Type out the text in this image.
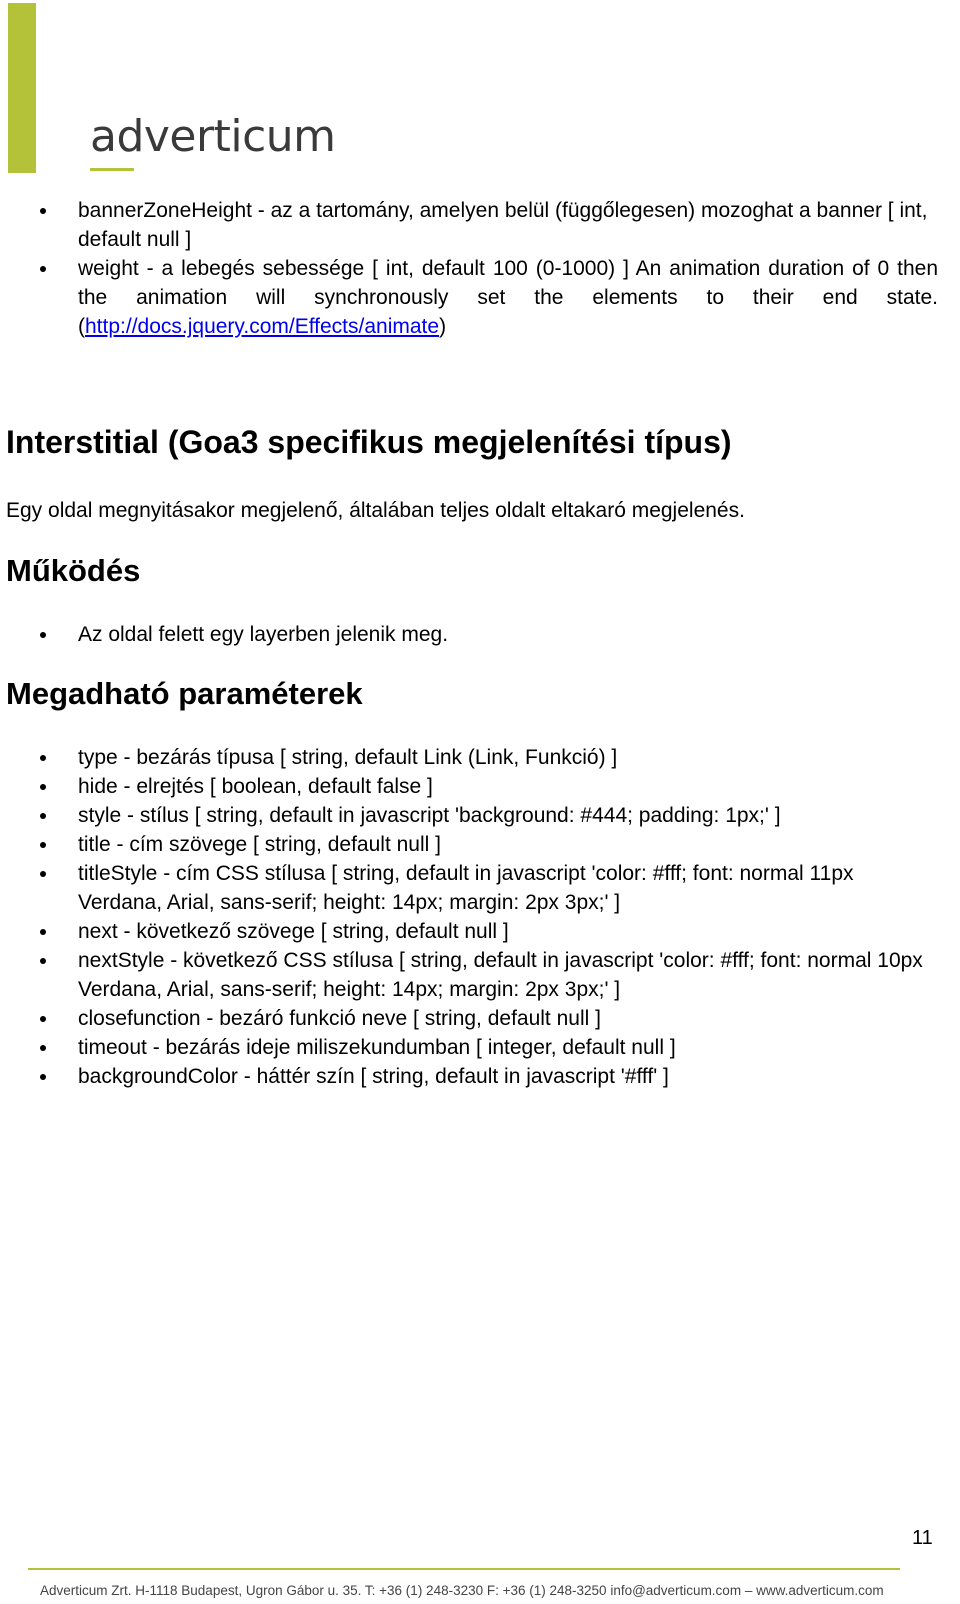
adverticum
bannerZoneHeight - az a tartomány, amelyen belül (függőlegesen) mozoghat a banner [ int, default null ]
weight - a lebegés sebessége [ int, default 100 (0-1000) ] An animation duration of 0 then the animation will synchronously set the elements to their end state. (http://docs.jquery.com/Effects/animate)
Interstitial (Goa3 specifikus megjelenítési típus)

Egy oldal megnyitásakor megjelenő, általában teljes oldalt eltakaró megjelenés.

Működés
Az oldal felett egy layerben jelenik meg.
Megadható paraméterek
type - bezárás típusa [ string, default Link (Link, Funkció) ]
hide - elrejtés [ boolean, default false ]
style - stílus [ string, default in javascript 'background: #444; padding: 1px;' ]
title - cím szövege [ string, default null ]
titleStyle - cím CSS stílusa [ string, default in javascript 'color: #fff; font: normal 11px Verdana, Arial, sans-serif; height: 14px; margin: 2px 3px;' ]
next - következő szövege [ string, default null ]
nextStyle - következő CSS stílusa [ string, default in javascript 'color: #fff; font: normal 10px Verdana, Arial, sans-serif; height: 14px; margin: 2px 3px;' ]
closefunction - bezáró funkció neve [ string, default null ]
timeout - bezárás ideje miliszekundumban [ integer, default null ]
backgroundColor - háttér szín [ string, default in javascript '#fff' ]
11
Adverticum Zrt. H-1118 Budapest, Ugron Gábor u. 35. T: +36 (1) 248-3230 F: +36 (1) 248-3250 info@adverticum.com – www.adverticum.com
